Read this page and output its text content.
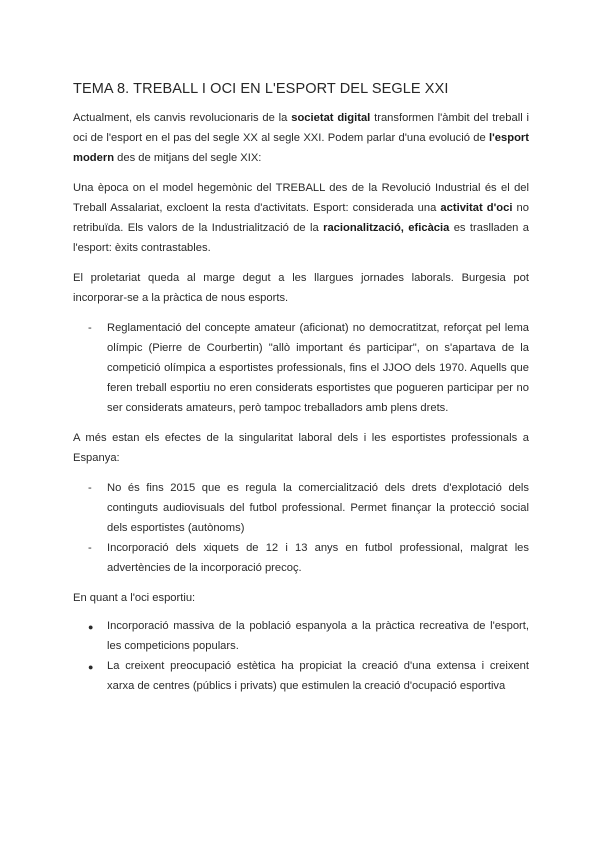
TEMA 8. TREBALL I OCI EN L'ESPORT DEL SEGLE XXI

Actualment, els canvis revolucionaris de la societat digital transformen l'àmbit del treball i oci de l'esport en el pas del segle XX al segle XXI. Podem parlar d'una evolució de l'esport modern des de mitjans del segle XIX:

Una època on el model hegemònic del TREBALL des de la Revolució Industrial és el del Treball Assalariat, excloent la resta d'activitats. Esport: considerada una activitat d'oci no retribuïda. Els valors de la Industrialització de la racionalització, eficàcia es traslladen a l'esport: èxits contrastables.

El proletariat queda al marge degut a les llargues jornades laborals. Burgesia pot incorporar-se a la pràctica de nous esports.

-	Reglamentació del concepte amateur (aficionat) no democratitzat, reforçat pel lema olímpic (Pierre de Courbertin) "allò important és participar", on s'apartava de la competició olímpica a esportistes professionals, fins el JJOO dels 1970. Aquells que feren treball esportiu no eren considerats esportistes que pogueren participar per no ser considerats amateurs, però tampoc treballadors amb plens drets.

A més estan els efectes de la singularitat laboral dels i les esportistes professionals a Espanya:

-	No és fins 2015 que es regula la comercialització dels drets d'explotació dels continguts audiovisuals del futbol professional. Permet finançar la protecció social dels esportistes (autònoms)
-	Incorporació dels xiquets de 12 i 13 anys en futbol professional, malgrat les advertències de la incorporació precoç.

En quant a l'oci esportiu:

●	Incorporació massiva de la població espanyola a la pràctica recreativa de l'esport, les competicions populars.
●	La creixent preocupació estètica ha propiciat la creació d'una extensa i creixent xarxa de centres (públics i privats) que estimulen la creació d'ocupació esportiva
